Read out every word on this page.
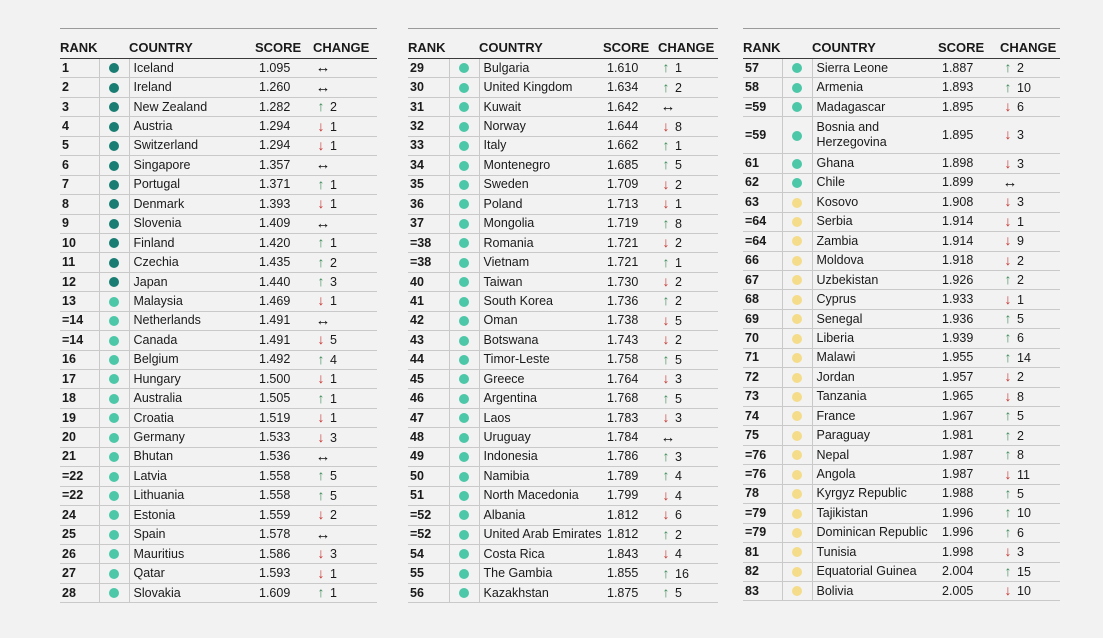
RANK		COUNTRY	SCORE	CHANGE
1		Iceland	1.095	↔
2		Ireland	1.260	↔
3		New Zealand	1.282	↑ 2
4		Austria	1.294	↓ 1
5		Switzerland	1.294	↓ 1
6		Singapore	1.357	↔
7		Portugal	1.371	↑ 1
8		Denmark	1.393	↓ 1
9		Slovenia	1.409	↔
10		Finland	1.420	↑ 1
11		Czechia	1.435	↑ 2
12		Japan	1.440	↑ 3
13		Malaysia	1.469	↓ 1
=14		Netherlands	1.491	↔
=14		Canada	1.491	↓ 5
16		Belgium	1.492	↑ 4
17		Hungary	1.500	↓ 1
18		Australia	1.505	↑ 1
19		Croatia	1.519	↓ 1
20		Germany	1.533	↓ 3
21		Bhutan	1.536	↔
=22		Latvia	1.558	↑ 5
=22		Lithuania	1.558	↑ 5
24		Estonia	1.559	↓ 2
25		Spain	1.578	↔
26		Mauritius	1.586	↓ 3
27		Qatar	1.593	↓ 1
28		Slovakia	1.609	↑ 1
RANK		COUNTRY	SCORE	CHANGE
29		Bulgaria	1.610	↑ 1
30		United Kingdom	1.634	↑ 2
31		Kuwait	1.642	↔
32		Norway	1.644	↓ 8
33		Italy	1.662	↑ 1
34		Montenegro	1.685	↑ 5
35		Sweden	1.709	↓ 2
36		Poland	1.713	↓ 1
37		Mongolia	1.719	↑ 8
=38		Romania	1.721	↓ 2
=38		Vietnam	1.721	↑ 1
40		Taiwan	1.730	↓ 2
41		South Korea	1.736	↑ 2
42		Oman	1.738	↓ 5
43		Botswana	1.743	↓ 2
44		Timor-Leste	1.758	↑ 5
45		Greece	1.764	↓ 3
46		Argentina	1.768	↑ 5
47		Laos	1.783	↓ 3
48		Uruguay	1.784	↔
49		Indonesia	1.786	↑ 3
50		Namibia	1.789	↑ 4
51		North Macedonia	1.799	↓ 4
=52		Albania	1.812	↓ 6
=52		United Arab Emirates	1.812	↑ 2
54		Costa Rica	1.843	↓ 4
55		The Gambia	1.855	↑ 16
56		Kazakhstan	1.875	↑ 5
RANK		COUNTRY	SCORE	CHANGE
57		Sierra Leone	1.887	↑ 2
58		Armenia	1.893	↑ 10
=59		Madagascar	1.895	↓ 6
=59		Bosnia and Herzegovina	1.895	↓ 3
61		Ghana	1.898	↓ 3
62		Chile	1.899	↔
63		Kosovo	1.908	↓ 3
=64		Serbia	1.914	↓ 1
=64		Zambia	1.914	↓ 9
66		Moldova	1.918	↓ 2
67		Uzbekistan	1.926	↑ 2
68		Cyprus	1.933	↓ 1
69		Senegal	1.936	↑ 5
70		Liberia	1.939	↑ 6
71		Malawi	1.955	↑ 14
72		Jordan	1.957	↓ 2
73		Tanzania	1.965	↓ 8
74		France	1.967	↑ 5
75		Paraguay	1.981	↑ 2
=76		Nepal	1.987	↑ 8
=76		Angola	1.987	↓ 11
78		Kyrgyz Republic	1.988	↑ 5
=79		Tajikistan	1.996	↑ 10
=79		Dominican Republic	1.996	↑ 6
81		Tunisia	1.998	↓ 3
82		Equatorial Guinea	2.004	↑ 15
83		Bolivia	2.005	↓ 10
